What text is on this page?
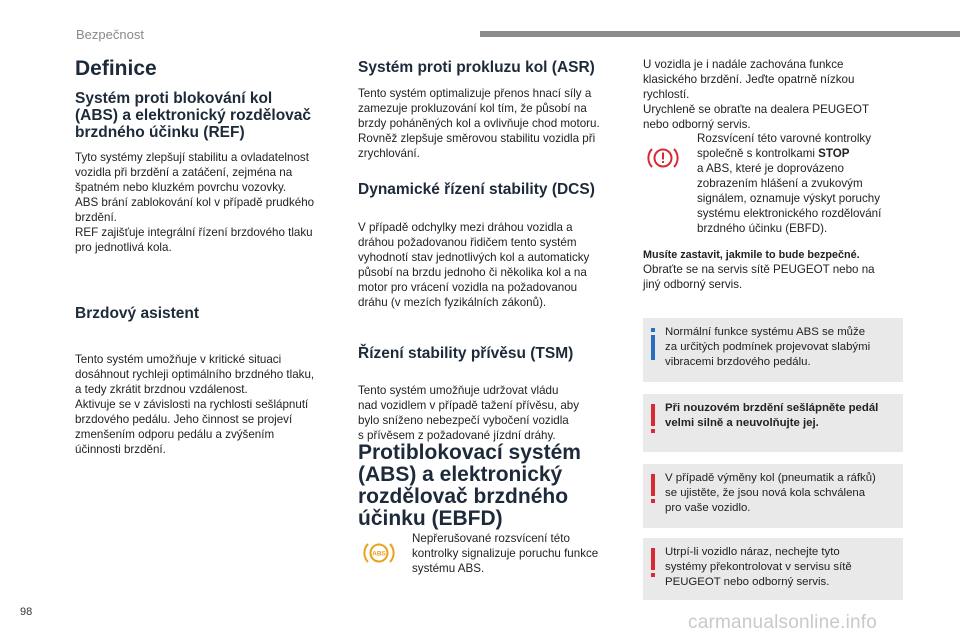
Bezpečnost
Definice
Systém proti blokování kol
(ABS) a elektronický rozdělovač
brzdného účinku (REF)
Tyto systémy zlepšují stabilitu a ovladatelnost
vozidla při brzdění a zatáčení, zejména na
špatném nebo kluzkém povrchu vozovky.
ABS brání zablokování kol v případě prudkého
brzdění.
REF zajišťuje integrální řízení brzdového tlaku
pro jednotlivá kola.
Brzdový asistent
Tento systém umožňuje v kritické situaci
dosáhnout rychleji optimálního brzdného tlaku,
a tedy zkrátit brzdnou vzdálenost.
Aktivuje se v závislosti na rychlosti sešlápnutí
brzdového pedálu. Jeho činnost se projeví
zmenšením odporu pedálu a zvýšením
účinnosti brzdění.
Systém proti prokluzu kol (ASR)
Tento systém optimalizuje přenos hnací síly a
zamezuje prokluzování kol tím, že působí na
brzdy poháněných kol a ovlivňuje chod motoru.
Rovněž zlepšuje směrovou stabilitu vozidla při
zrychlování.
Dynamické řízení stability (DCS)
V případě odchylky mezi dráhou vozidla a
dráhou požadovanou řidičem tento systém
vyhodnotí stav jednotlivých kol a automaticky
působí na brzdu jednoho či několika kol a na
motor pro vrácení vozidla na požadovanou
dráhu (v mezích fyzikálních zákonů).
Řízení stability přívěsu (TSM)
Tento systém umožňuje udržovat vládu
nad vozidlem v případě tažení přívěsu, aby
bylo sníženo nebezpečí vybočení vozidla
s přívěsem z požadované jízdní dráhy.
Protiblokovací systém
(ABS) a elektronický
rozdělovač brzdného
účinku (EBFD)
ABS
Nepřerušované rozsvícení této
kontrolky signalizuje poruchu funkce
systému ABS.
U vozidla je i nadále zachována funkce
klasického brzdění. Jeďte opatrně nízkou
rychlostí.
Urychleně se obraťte na dealera PEUGEOT
nebo odborný servis.
Rozsvícení této varovné kontrolky
společně s kontrolkami STOP
a ABS, které je doprovázeno
zobrazením hlášení a zvukovým
signálem, oznamuje výskyt poruchy
systému elektronického rozdělování
brzdného účinku (EBFD).
Musíte zastavit, jakmile to bude bezpečné.
Obraťte se na servis sítě PEUGEOT nebo na
jiný odborný servis.
Normální funkce systému ABS se může
za určitých podmínek projevovat slabými
vibracemi brzdového pedálu.
Při nouzovém brzdění sešlápněte pedál
velmi silně a neuvolňujte jej.
V případě výměny kol (pneumatik a ráfků)
se ujistěte, že jsou nová kola schválena
pro vaše vozidlo.
Utrpí-li vozidlo náraz, nechejte tyto
systémy překontrolovat v servisu sítě
PEUGEOT nebo odborný servis.
98	carmanualsonline.info
